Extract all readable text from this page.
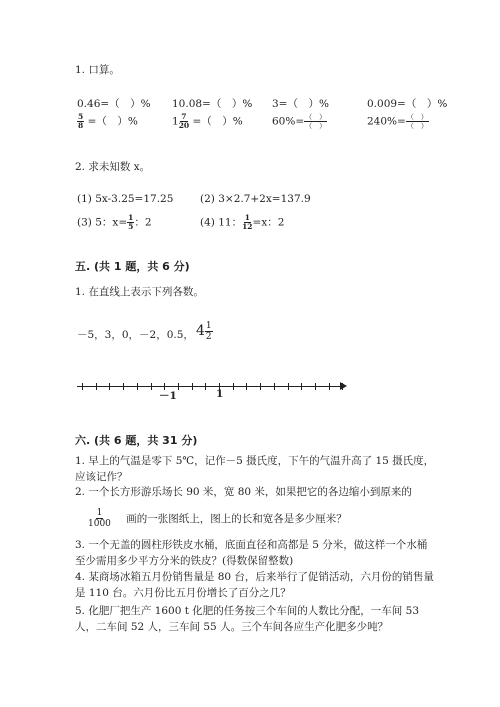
1. 口算。
0.46=（　）% 10.08=（　）% 3=（　）%	0.009=（　）%
$\frac{5}{8}$ =（　）%	$1 \frac{7}{20}$ =（　）%	$60\%= \frac{( )}{( )}$	$240\%= \frac{( )}{( )}$
2. 求未知数 x。
(1) 5x-3.25=17.25	(2) 3×2.7+2x=137.9
(3) 5：$x= \frac{1}{5}$ ：2	(4) 11： $\frac{1}{12} =x$：2
五. (共 1 题，共 6 分)
1. 在直线上表示下列各数。
－5，3，0，－2，0.5， $4 \frac{1}{2}$
－1	1
六. (共 6 题，共 31 分)
1. 早上的气温是零下 5℃，记作－5 摄氏度，下午的气温升高了 15 摄氏度，应该记作？
2. 一个长方形游乐场长 90 米，宽 80 米，如果把它的各边缩小到原来的
$\frac{1}{1000}$ 画的一张图纸上，图上的长和宽各是多少厘米？
3. 一个无盖的圆柱形铁皮水桶，底面直径和高都是 5 分米，做这样一个水桶至少需用多少平方分米的铁皮？(得数保留整数)
4. 某商场冰箱五月份销售量是 80 台，后来举行了促销活动，六月份的销售量是 110 台。六月份比五月份增长了百分之几？
5. 化肥厂把生产 1600 t 化肥的任务按三个车间的人数比分配，一车间 53 人，二车间 52 人，三车间 55 人。三个车间各应生产化肥多少吨？
